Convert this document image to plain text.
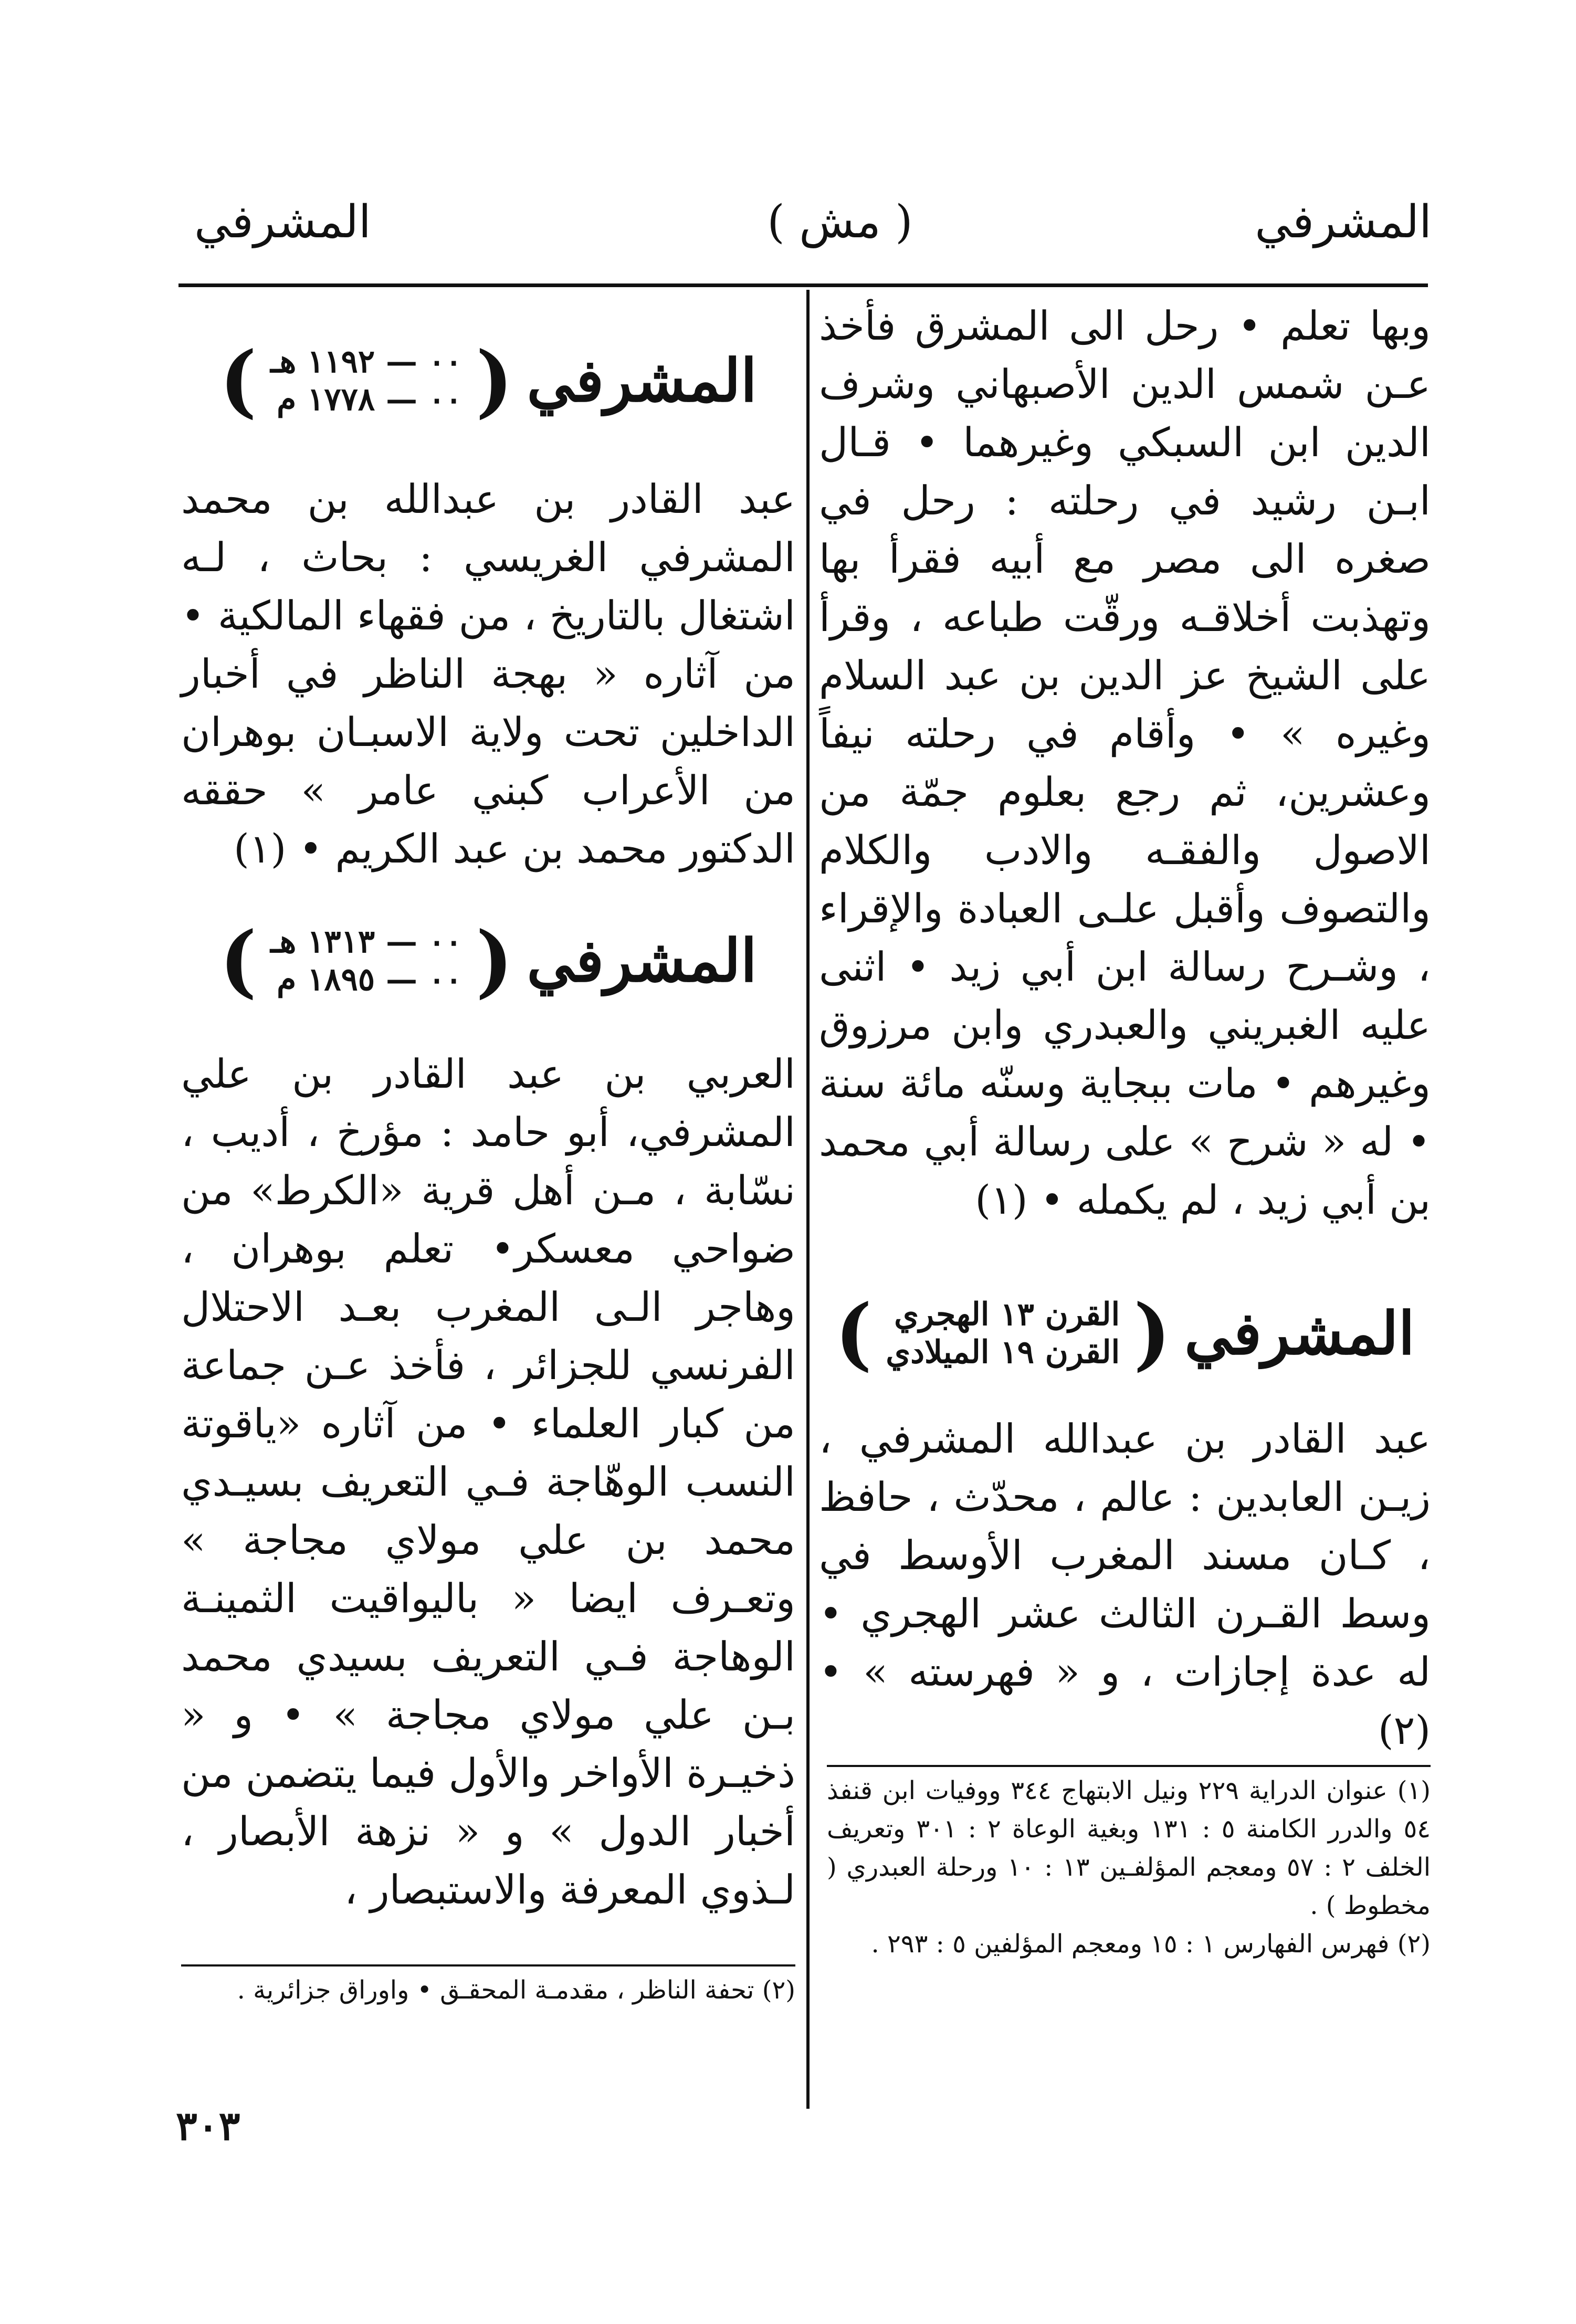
المشرفي
( مش )
المشرفي

وبها تعلم • رحل الى المشرق فأخذ عـن شمس الدين الأصبهاني وشرف الدين ابن السبكي وغيرهما • قـال ابـن رشيد في رحلته : رحل في صغره الى مصر مع أبيه فقرأ بها وتهذبت أخلاقـه ورقّت طباعه ، وقرأ على الشيخ عز الدين بن عبد السلام وغيره » • وأقام في رحلته نيفاً وعشرين، ثم رجع بعلوم جمّة من الاصول والفقـه والادب والكلام والتصوف وأقبل علـى العبادة والإقراء ، وشـرح رسالة ابن أبي زيد • اثنى عليه الغبريني والعبدري وابن مرزوق وغيرهم • مات ببجاية وسنّه مائة سنة • له « شرح » على رسالة أبي محمد بن أبي زيد ، لم يكمله • (١)

المشرفي
(
القرن ١٣ الهجري
القرن ١٩ الميلادي
)

عبد القادر بن عبدالله المشرفي ، زيـن العابدين : عالم ، محدّث ، حافظ ، كـان مسند المغرب الأوسط في وسط القـرن الثالث عشر الهجري • له عدة إجازات ، و « فهرسته » • (٢)

(١) عنوان الدراية ٢٢٩ ونيل الابتهاج ٣٤٤ ووفيات ابن قنفذ ٥٤ والدرر الكامنة ٥ : ١٣١ وبغية الوعاة ٢ : ٣٠١ وتعريف الخلف ٢ : ٥٧ ومعجم المؤلفـين ١٣ : ١٠ ورحلة العبدري ( مخطوط ) .

(٢) فهرس الفهارس ١ : ١٥ ومعجم المؤلفين ٥ : ٢٩٣ .

المشرفي
(
٠٠ — ١١٩٢ هـ
٠٠ — ١٧٧٨ م
)

عبد القادر بن عبدالله بن محمد المشرفي الغريسي : بحاث ، لـه اشتغال بالتاريخ ، من فقهاء المالكية • من آثاره « بهجة الناظر في أخبار الداخلين تحت ولاية الاسبـان بوهران من الأعراب كبني عامر » حققه الدكتور محمد بن عبد الكريم • (١)

المشرفي
(
٠٠ — ١٣١٣ هـ
٠٠ — ١٨٩٥ م
)

العربي بن عبد القادر بن علي المشرفي، أبو حامد : مؤرخ ، أديب ، نسّابة ، مـن أهل قرية «الكرط» من ضواحي معسكر• تعلم بوهران ، وهاجر الـى المغرب بعـد الاحتلال الفرنسي للجزائر ، فأخذ عـن جماعة من كبار العلماء • من آثاره «ياقوتة النسب الوهّاجة فـي التعريف بسيـدي محمد بن علي مولاي مجاجة » وتعـرف ايضا « باليواقيت الثمينـة الوهاجة فـي التعريف بسيدي محمد بـن علي مولاي مجاجة » • و « ذخيـرة الأواخر والأول فيما يتضمن من أخبار الدول » و « نزهة الأبصار ، لـذوي المعرفة والاستبصار ،

(٢) تحفة الناظر ، مقدمـة المحقـق • واوراق جزائرية .

٣٠٣
